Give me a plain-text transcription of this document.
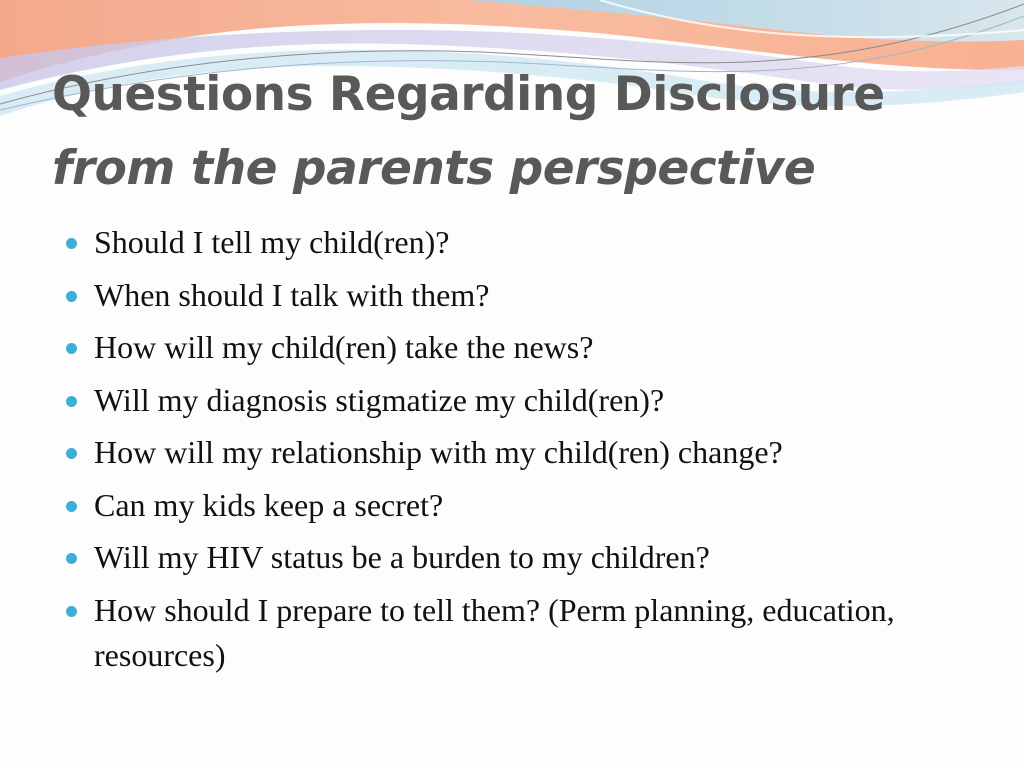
Questions Regarding Disclosure
from the parents perspective
Should I tell my child(ren)?
When should I talk with them?
How will my child(ren) take the news?
Will my diagnosis stigmatize my child(ren)?
How will my relationship with my child(ren) change?
Can my kids keep a secret?
Will my HIV status be a burden to my children?
How should I prepare to tell them? (Perm planning, education, resources)
